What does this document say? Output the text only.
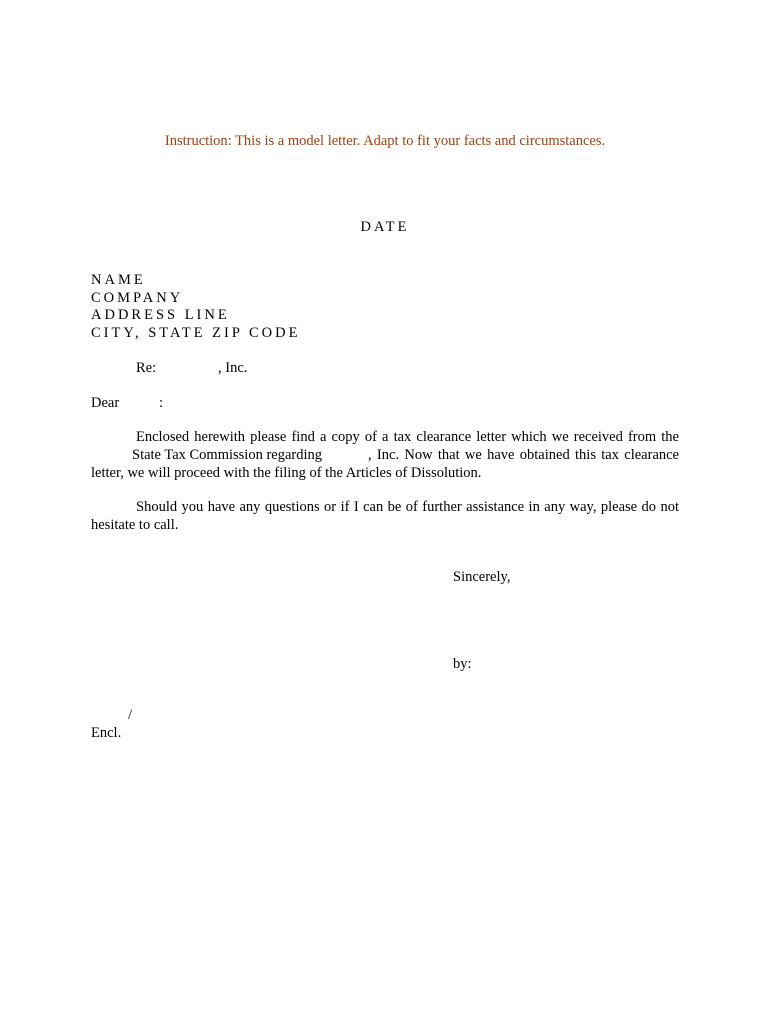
Instruction: This is a model letter. Adapt to fit your facts and circumstances.
DATE
NAME
COMPANY
ADDRESS LINE
CITY, STATE ZIP CODE
Re:	, Inc.
Dear	:
Enclosed herewith please find a copy of a tax clearance letter which we received from the
State Tax Commission regarding	, Inc. Now that we have obtained this tax clearance
letter, we will proceed with the filing of the Articles of Dissolution.
Should you have any questions or if I can be of further assistance in any way, please do not
hesitate to call.
Sincerely,
by:
/
Encl.
